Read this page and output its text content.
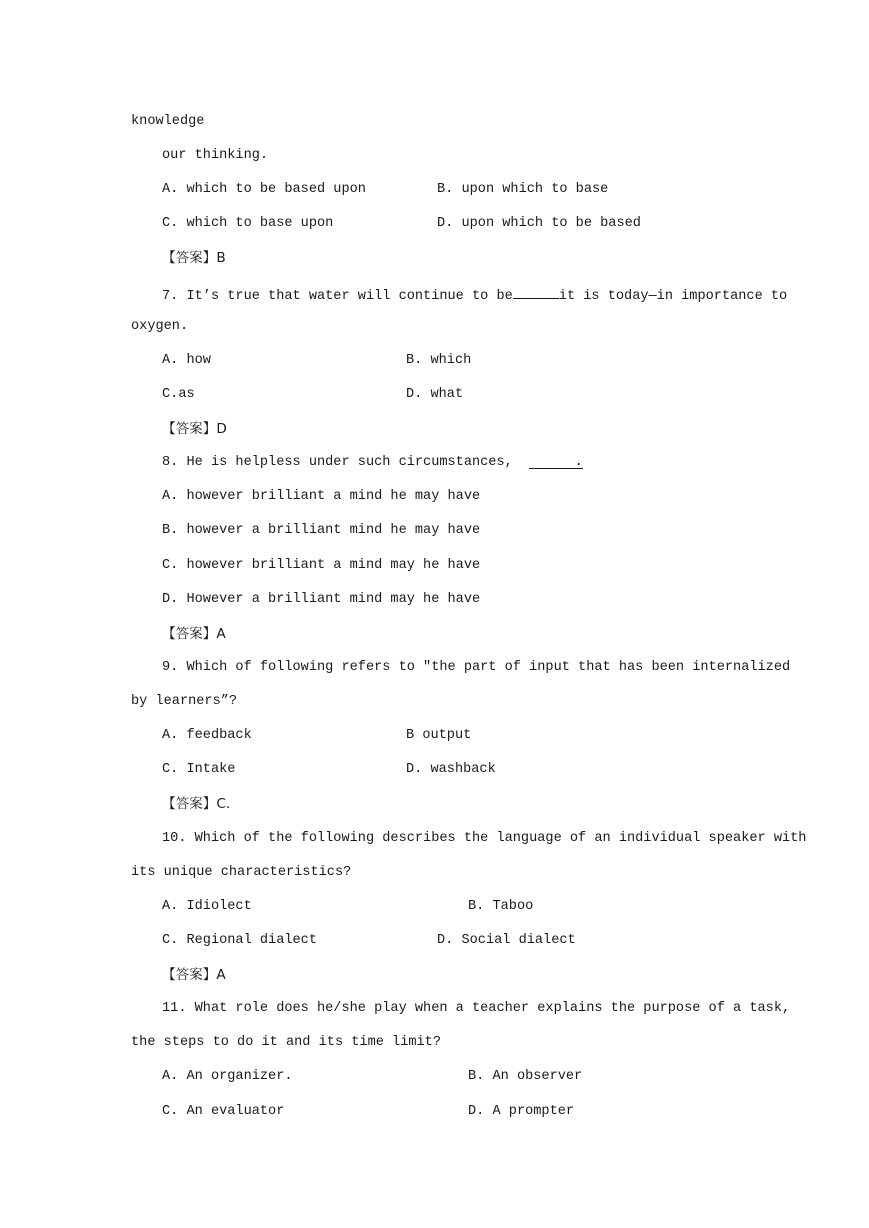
knowledge
our thinking.
A. which to be based upon	B. upon which to base
C. which to base upon	D. upon which to be based
【答案】B
7. It’s true that water will continue to be	it is today—in importance to
oxygen.
A. how	B. which
C.as	D. what
【答案】D
8. He is helpless under such circumstances,	.
A. however brilliant a mind he may have
B. however a brilliant mind he may have
C. however brilliant a mind may he have
D. However a brilliant mind may he have
【答案】A
9. Which of following refers to ″the part of input that has been internalized
by learners”?
A. feedback	B output
C. Intake	D. washback
【答案】C.
10. Which of the following describes the language of an individual speaker with
its unique characteristics?
A. Idiolect	B. Taboo
C. Regional dialect	D. Social dialect
【答案】A
11. What role does he/she play when a teacher explains the purpose of a task,
the steps to do it and its time limit?
A. An organizer.	B. An observer
C. An evaluator	D. A prompter
